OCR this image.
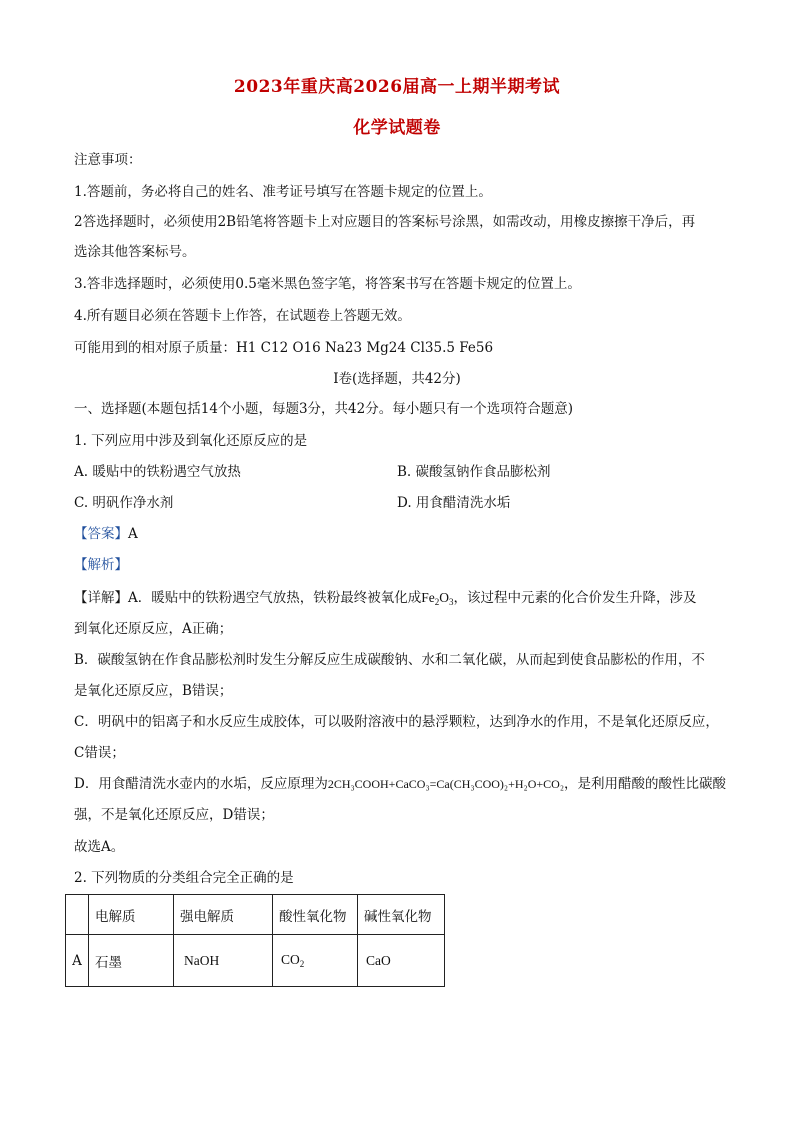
2023年重庆高2026届高一上期半期考试
化学试题卷
注意事项：
1.答题前，务必将自己的姓名、准考证号填写在答题卡规定的位置上。
2答选择题时，必须使用2B铅笔将答题卡上对应题目的答案标号涂黑，如需改动，用橡皮擦擦干净后，再
选涂其他答案标号。
3.答非选择题时，必须使用0.5毫米黑色签字笔，将答案书写在答题卡规定的位置上。
4.所有题目必须在答题卡上作答，在试题卷上答题无效。
可能用到的相对原子质量：H1 C12 O16 Na23 Mg24 Cl35.5 Fe56
I卷(选择题，共42分)
一、选择题(本题包括14个小题，每题3分，共42分。每小题只有一个选项符合题意)
1. 下列应用中涉及到氧化还原反应的是
A. 暖贴中的铁粉遇空气放热	B. 碳酸氢钠作食品膨松剂
C. 明矾作净水剂	D. 用食醋清洗水垢
【答案】A
【解析】
【详解】A．暖贴中的铁粉遇空气放热，铁粉最终被氧化成$Fe_2O_3$，该过程中元素的化合价发生升降，涉及
到氧化还原反应，A正确；
B．碳酸氢钠在作食品膨松剂时发生分解反应生成碳酸钠、水和二氧化碳，从而起到使食品膨松的作用，不
是氧化还原反应，B错误；
C．明矾中的铝离子和水反应生成胶体，可以吸附溶液中的悬浮颗粒，达到净水的作用，不是氧化还原反应，
C错误；
D．用食醋清洗水壶内的水垢，反应原理为2CH₃COOH+CaCO₃=Ca(CH₃COO)₂+H₂O+CO₂，是利用醋酸的酸性比碳酸
强，不是氧化还原反应，D错误；
故选A。
2. 下列物质的分类组合完全正确的是
	电解质	强电解质	酸性氧化物	碱性氧化物
A	石墨	NaOH	$CO_2$	CaO
